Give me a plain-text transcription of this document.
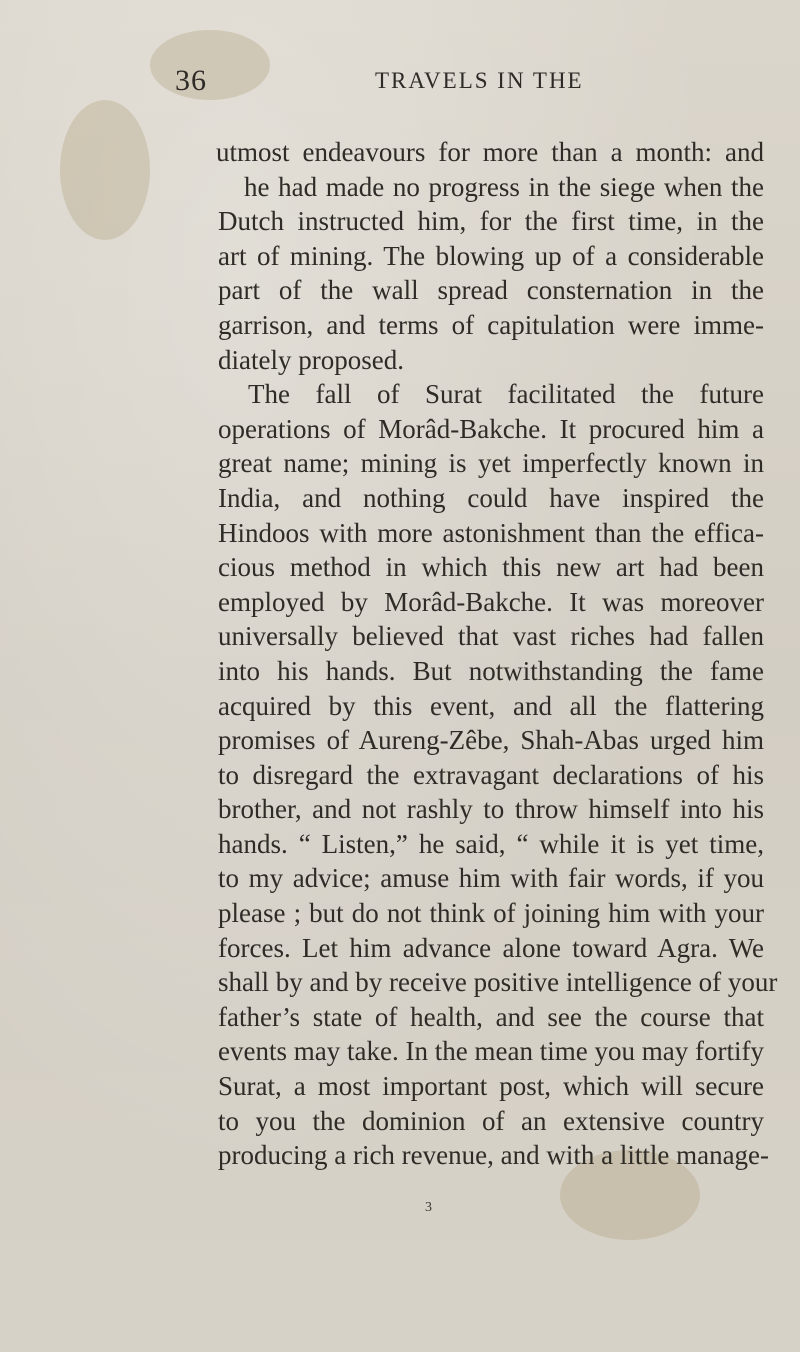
36	TRAVELS IN THE
utmost endeavours for more than a month: and
he had made no progress in the siege when the
Dutch instructed him, for the first time, in the
art of mining. The blowing up of a considerable
part of the wall spread consternation in the
garrison, and terms of capitulation were imme-
diately proposed.
The fall of Surat facilitated the future
operations of Morâd-Bakche. It procured him a
great name; mining is yet imperfectly known in
India, and nothing could have inspired the
Hindoos with more astonishment than the effica-
cious method in which this new art had been
employed by Morâd-Bakche. It was moreover
universally believed that vast riches had fallen
into his hands. But notwithstanding the fame
acquired by this event, and all the flattering
promises of Aureng-Zêbe, Shah-Abas urged him
to disregard the extravagant declarations of his
brother, and not rashly to throw himself into his
hands. “ Listen,” he said, “ while it is yet time,
to my advice; amuse him with fair words, if you
please ; but do not think of joining him with your
forces. Let him advance alone toward Agra. We
shall by and by receive positive intelligence of your
father’s state of health, and see the course that
events may take. In the mean time you may fortify
Surat, a most important post, which will secure
to you the dominion of an extensive country
producing a rich revenue, and with a little manage-
3
